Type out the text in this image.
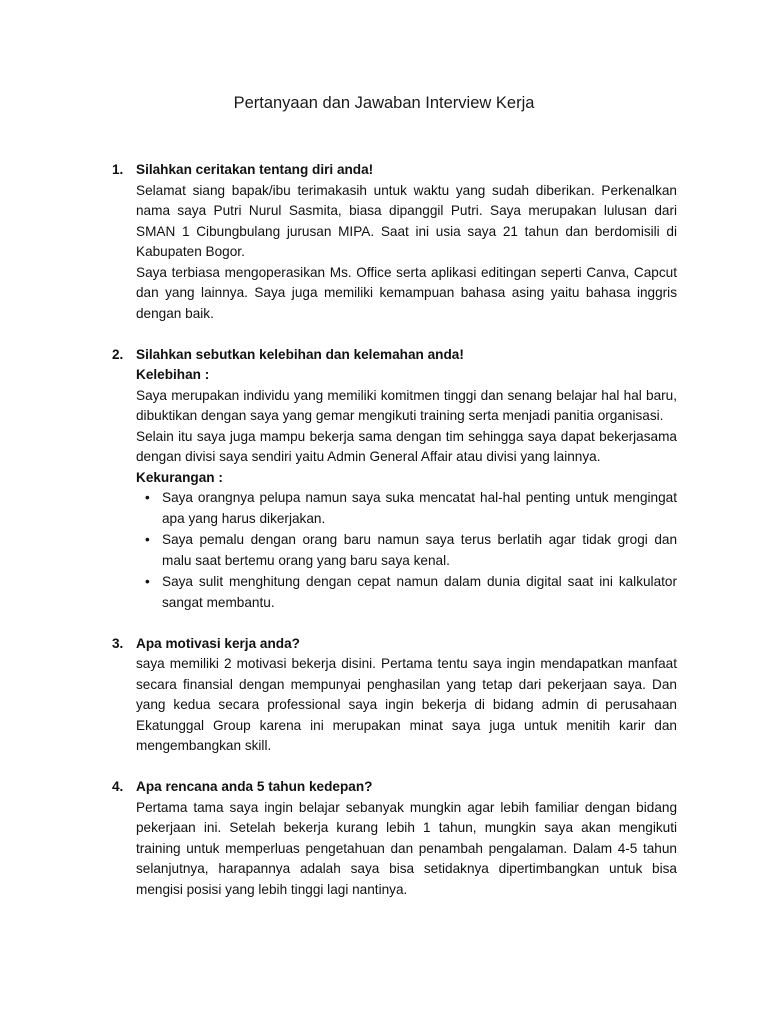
Pertanyaan dan Jawaban Interview Kerja
1. Silahkan ceritakan tentang diri anda!
Selamat siang bapak/ibu terimakasih untuk waktu yang sudah diberikan. Perkenalkan nama saya Putri Nurul Sasmita, biasa dipanggil Putri. Saya merupakan lulusan dari SMAN 1 Cibungbulang jurusan MIPA. Saat ini usia saya 21 tahun dan berdomisili di Kabupaten Bogor.
Saya terbiasa mengoperasikan Ms. Office serta aplikasi editingan seperti Canva, Capcut dan yang lainnya. Saya juga memiliki kemampuan bahasa asing yaitu bahasa inggris dengan baik.
2. Silahkan sebutkan kelebihan dan kelemahan anda!
Kelebihan :
Saya merupakan individu yang memiliki komitmen tinggi dan senang belajar hal hal baru, dibuktikan dengan saya yang gemar mengikuti training serta menjadi panitia organisasi.
Selain itu saya juga mampu bekerja sama dengan tim sehingga saya dapat bekerjasama dengan divisi saya sendiri yaitu Admin General Affair atau divisi yang lainnya.
Kekurangan :
• Saya orangnya pelupa namun saya suka mencatat hal-hal penting untuk mengingat apa yang harus dikerjakan.
• Saya pemalu dengan orang baru namun saya terus berlatih agar tidak grogi dan malu saat bertemu orang yang baru saya kenal.
• Saya sulit menghitung dengan cepat namun dalam dunia digital saat ini kalkulator sangat membantu.
3. Apa motivasi kerja anda?
saya memiliki 2 motivasi bekerja disini. Pertama tentu saya ingin mendapatkan manfaat secara finansial dengan mempunyai penghasilan yang tetap dari pekerjaan saya. Dan yang kedua secara professional saya ingin bekerja di bidang admin di perusahaan Ekatunggal Group karena ini merupakan minat saya juga untuk menitih karir dan mengembangkan skill.
4. Apa rencana anda 5 tahun kedepan?
Pertama tama saya ingin belajar sebanyak mungkin agar lebih familiar dengan bidang pekerjaan ini. Setelah bekerja kurang lebih 1 tahun, mungkin saya akan mengikuti training untuk memperluas pengetahuan dan penambah pengalaman. Dalam 4-5 tahun selanjutnya, harapannya adalah saya bisa setidaknya dipertimbangkan untuk bisa mengisi posisi yang lebih tinggi lagi nantinya.
